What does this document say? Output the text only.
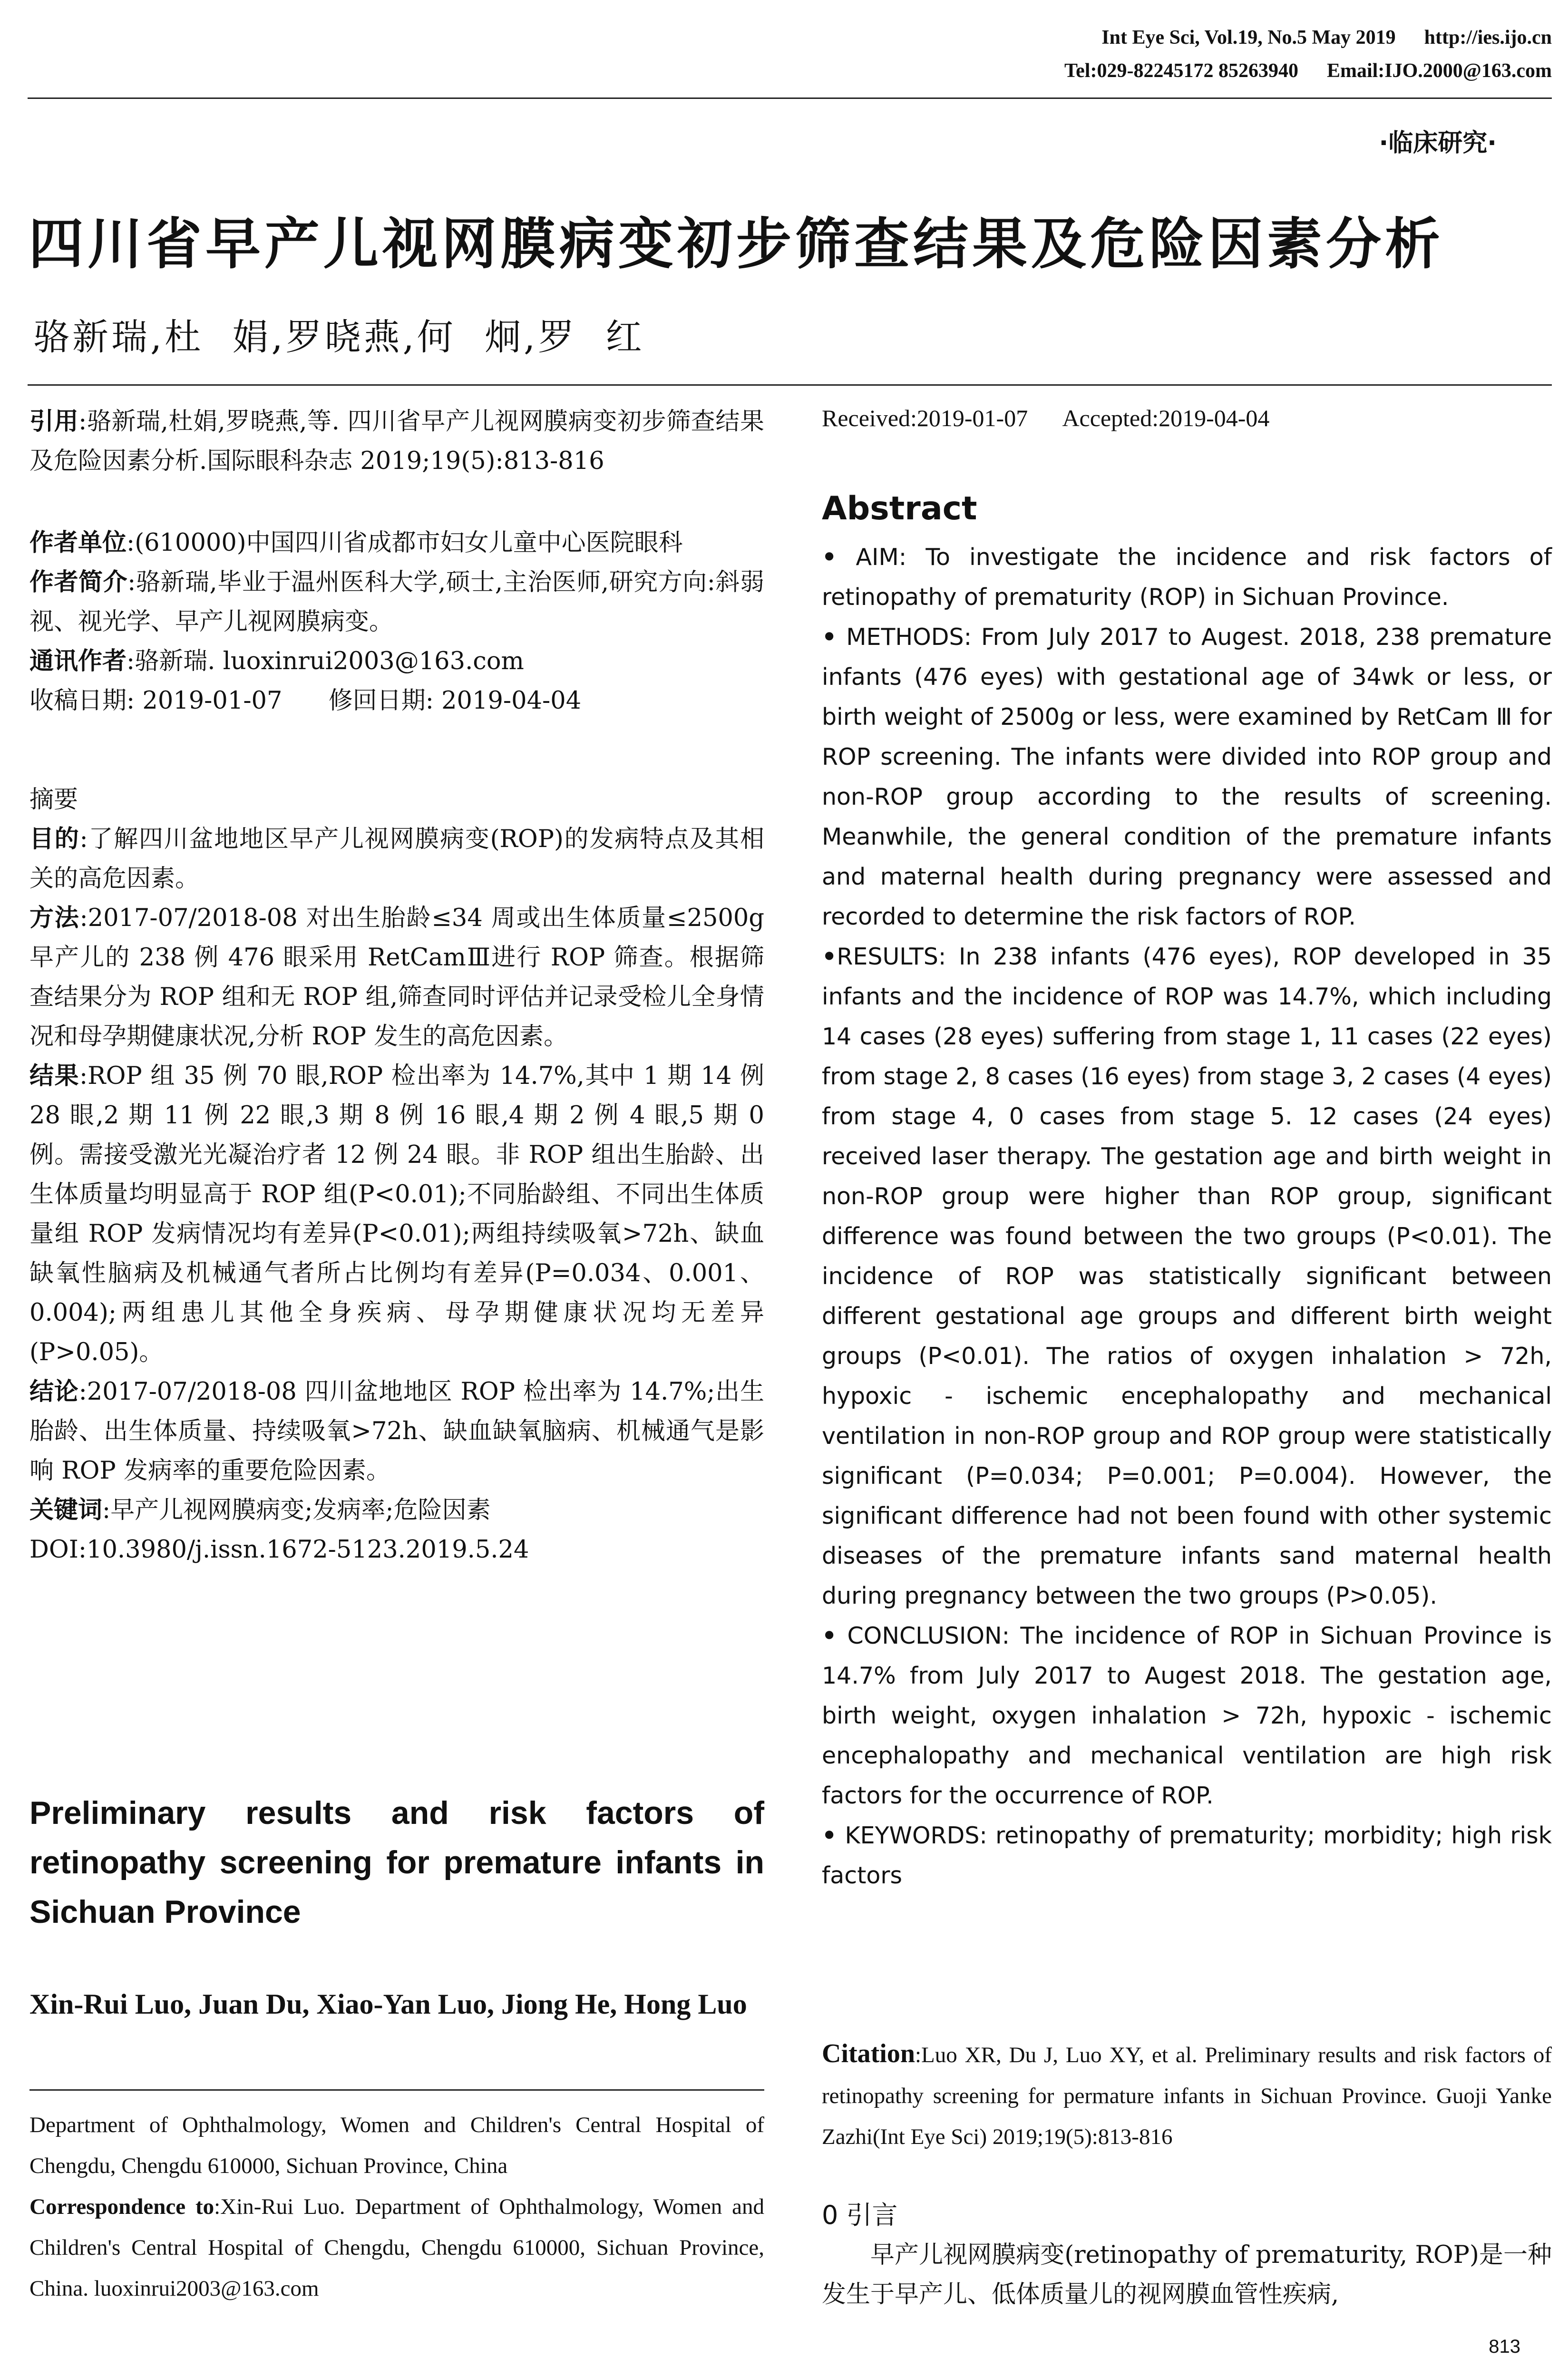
Int Eye Sci, Vol.19, No.5 May 2019 http://ies.ijo.cn
Tel:029-82245172 85263940 Email:IJO.2000@163.com
·临床研究·
四川省早产儿视网膜病变初步筛查结果及危险因素分析
骆新瑞,杜  娟,罗晓燕,何  炯,罗  红
引用:骆新瑞,杜娟,罗晓燕,等. 四川省早产儿视网膜病变初步筛查结果及危险因素分析.国际眼科杂志 2019;19(5):813-816
作者单位:(610000)中国四川省成都市妇女儿童中心医院眼科
作者简介:骆新瑞,毕业于温州医科大学,硕士,主治医师,研究方向:斜弱视、视光学、早产儿视网膜病变。
通讯作者:骆新瑞. luoxinrui2003@163.com
收稿日期: 2019-01-07      修回日期: 2019-04-04
摘要
目的:了解四川盆地地区早产儿视网膜病变(ROP)的发病特点及其相关的高危因素。
方法:2017-07/2018-08 对出生胎龄≤34 周或出生体质量≤2500g 早产儿的 238 例 476 眼采用 RetCamⅢ进行 ROP 筛查。根据筛查结果分为 ROP 组和无 ROP 组,筛查同时评估并记录受检儿全身情况和母孕期健康状况,分析 ROP 发生的高危因素。
结果:ROP 组 35 例 70 眼,ROP 检出率为 14.7%,其中 1 期 14 例 28 眼,2 期 11 例 22 眼,3 期 8 例 16 眼,4 期 2 例 4 眼,5 期 0 例。需接受激光光凝治疗者 12 例 24 眼。非 ROP 组出生胎龄、出生体质量均明显高于 ROP 组(P<0.01);不同胎龄组、不同出生体质量组 ROP 发病情况均有差异(P<0.01);两组持续吸氧>72h、缺血缺氧性脑病及机械通气者所占比例均有差异(P=0.034、0.001、0.004);两组患儿其他全身疾病、母孕期健康状况均无差异(P>0.05)。
结论:2017-07/2018-08 四川盆地地区 ROP 检出率为 14.7%;出生胎龄、出生体质量、持续吸氧>72h、缺血缺氧脑病、机械通气是影响 ROP 发病率的重要危险因素。
关键词:早产儿视网膜病变;发病率;危险因素
DOI:10.3980/j.issn.1672-5123.2019.5.24
Preliminary results and risk factors of retinopathy screening for premature infants in Sichuan Province
Xin-Rui Luo, Juan Du, Xiao-Yan Luo, Jiong He, Hong Luo
Department of Ophthalmology, Women and Children's Central Hospital of Chengdu, Chengdu 610000, Sichuan Province, China
Correspondence to:Xin-Rui Luo. Department of Ophthalmology, Women and Children's Central Hospital of Chengdu, Chengdu 610000, Sichuan Province, China. luoxinrui2003@163.com
Received:2019-01-07      Accepted:2019-04-04
Abstract

• AIM: To investigate the incidence and risk factors of retinopathy of prematurity (ROP) in Sichuan Province.

• METHODS: From July 2017 to Augest. 2018, 238 premature infants (476 eyes) with gestational age of 34wk or less, or birth weight of 2500g or less, were examined by RetCam Ⅲ for ROP screening. The infants were divided into ROP group and non-ROP group according to the results of screening. Meanwhile, the general condition of the premature infants and maternal health during pregnancy were assessed and recorded to determine the risk factors of ROP.

•RESULTS: In 238 infants (476 eyes), ROP developed in 35 infants and the incidence of ROP was 14.7%, which including 14 cases (28 eyes) suffering from stage 1, 11 cases (22 eyes) from stage 2, 8 cases (16 eyes) from stage 3, 2 cases (4 eyes) from stage 4, 0 cases from stage 5. 12 cases (24 eyes) received laser therapy. The gestation age and birth weight in non-ROP group were higher than ROP group, significant difference was found between the two groups (P<0.01). The incidence of ROP was statistically significant between different gestational age groups and different birth weight groups (P<0.01). The ratios of oxygen inhalation > 72h, hypoxic - ischemic encephalopathy and mechanical ventilation in non-ROP group and ROP group were statistically significant (P=0.034; P=0.001; P=0.004). However, the significant difference had not been found with other systemic diseases of the premature infants sand maternal health during pregnancy between the two groups (P>0.05).

• CONCLUSION: The incidence of ROP in Sichuan Province is 14.7% from July 2017 to Augest 2018. The gestation age, birth weight, oxygen inhalation > 72h, hypoxic - ischemic encephalopathy and mechanical ventilation are high risk factors for the occurrence of ROP.

• KEYWORDS: retinopathy of prematurity; morbidity; high risk factors

Citation:Luo XR, Du J, Luo XY, et al. Preliminary results and risk factors of retinopathy screening for permature infants in Sichuan Province. Guoji Yanke Zazhi(Int Eye Sci) 2019;19(5):813-816
0 引言
早产儿视网膜病变(retinopathy of prematurity, ROP)是一种发生于早产儿、低体质量儿的视网膜血管性疾病,
813
